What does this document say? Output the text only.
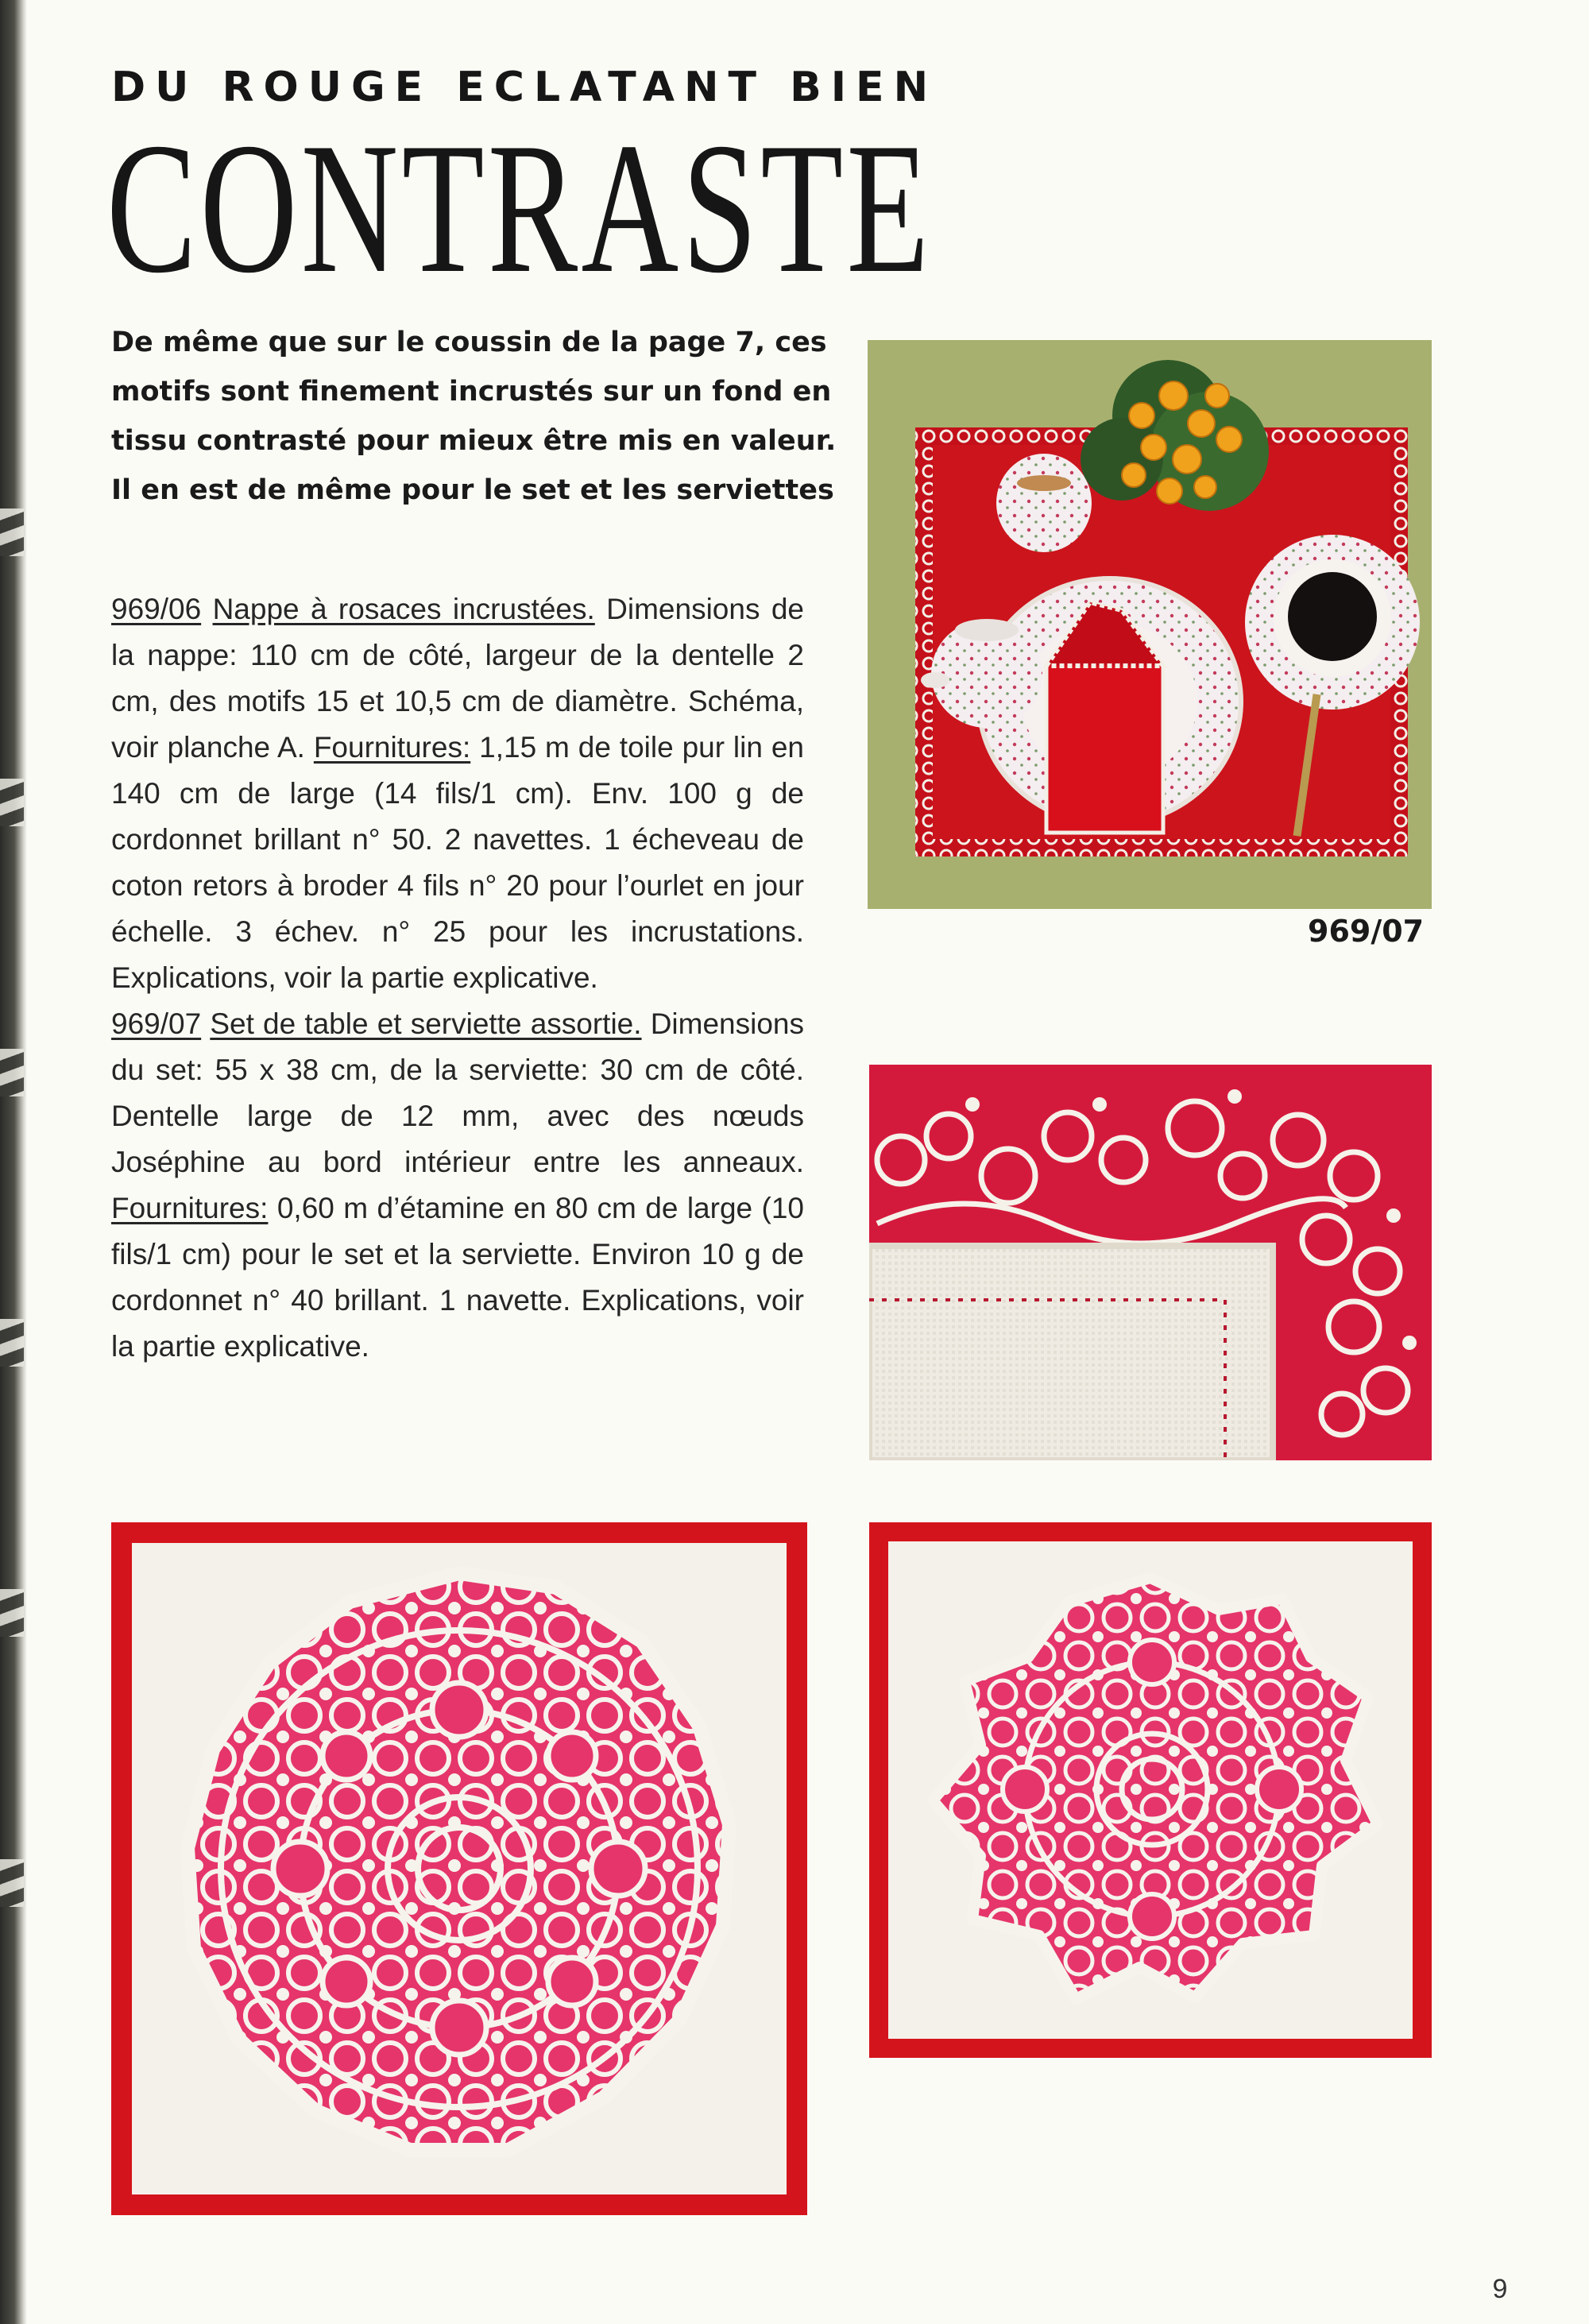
DU ROUGE ECLATANT BIEN
CONTRASTE
De même que sur le coussin de la page 7, ces
motifs sont finement incrustés sur un fond en
tissu contrasté pour mieux être mis en valeur.
Il en est de même pour le set et les serviettes

969/06 Nappe à rosaces incrustées. Dimensions de la nappe: 110 cm de côté, largeur de la dentelle 2 cm, des motifs 15 et 10,5 cm de diamètre. Schéma, voir planche A. Fournitures: 1,15 m de toile pur lin en 140 cm de large (14 fils/1 cm). Env. 100 g de cordonnet brillant n° 50. 2 navettes. 1 écheveau de coton retors à broder 4 fils n° 20 pour l’ourlet en jour échelle. 3 échev. n° 25 pour les incrustations. Explications, voir la partie explicative.

969/07 Set de table et serviette assortie. Dimensions du set: 55 x 38 cm, de la serviette: 30 cm de côté. Dentelle large de 12 mm, avec des nœuds Joséphine au bord intérieur entre les anneaux. Fournitures: 0,60 m d’étamine en 80 cm de large (10 fils/1 cm) pour le set et la serviette. Environ 10 g de cordonnet n° 40 brillant. 1 navette. Explications, voir la partie explicative.

969/07
9
